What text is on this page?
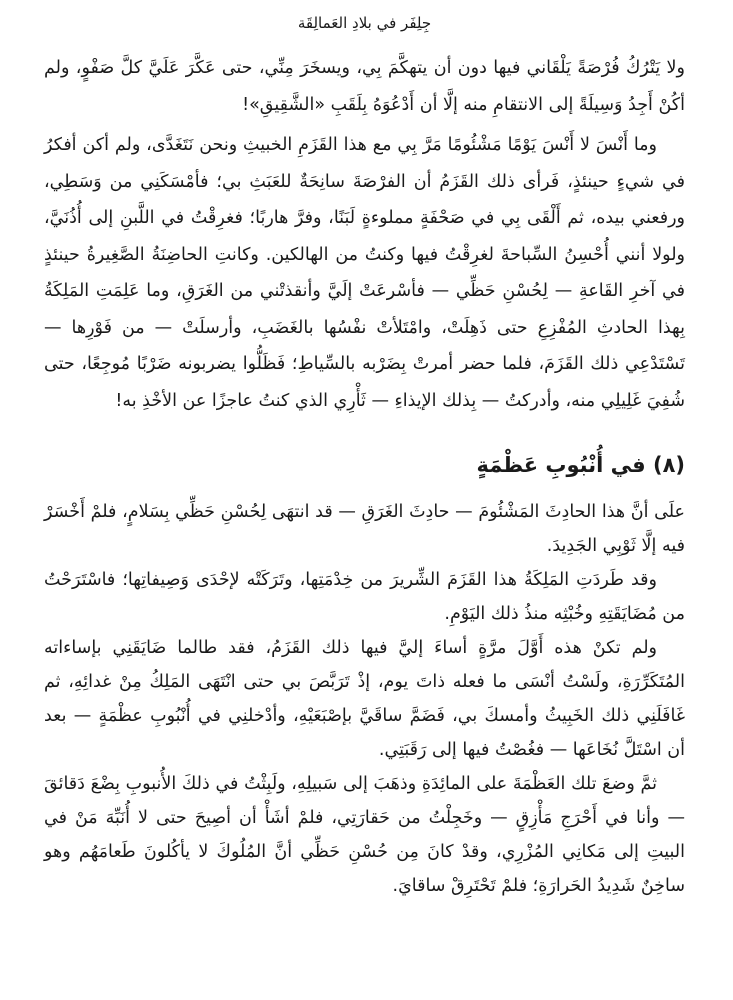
جِلِفَر في بلادِ العَمالِقَة

ولا يَتْرُكُ فُرْصَةً يَلْقَاني فيها دون أن يتهكَّمَ بِي، ويسخَرَ مِنِّي، حتى عَكَّرَ عَلَيَّ كلَّ صَفْوٍ، ولم أكُنْ أَجِدُ وَسِيلَةً إلى الانتقامِ منه إلَّا أن أَدْعُوَهُ بِلَقَبِ «الشَّقِيقِ»!

وما أَنْسَ لا أَنْسَ يَوْمًا مَشْئُومًا مَرَّ بِي مع هذا القَزَمِ الخبيثِ ونحن نَتَغَدَّى، ولم أكن أفكرُ في شيءٍ حينئذٍ، فَرأى ذلك القَزَمُ أن الفرْصَةَ سانِحَةٌ للعَبَثِ بي؛ فأمْسَكَنِي من وَسَطِي، ورفعني بيده، ثم أَلْقَى بِي في صَحْفَةٍ مملوءةٍ لَبَنًا، وفرَّ هاربًا؛ فغرِقْتُ في اللَّبنِ إلى أُذُنَيَّ، ولولا أنني أُحْسِنُ السِّباحةَ لغرِقْتُ فيها وكنتُ من الهالكين. وكانتِ الحاضِنَةُ الصَّغِيرةُ حينئذٍ في آخرِ القَاعةِ — لِحُسْنِ حَظِّي — فأسْرعَتْ إلَيَّ وأنقذتْني من الغَرَقِ، وما عَلِمَتِ المَلِكَةُ بِهذا الحادثِ المُفْزِعِ حتى ذَهِلَتْ، وامْتَلأتْ نفْسُها بالغَضَبِ، وأرسلَتْ — من فَوْرِها — تَسْتَدْعِي ذلك القَزَمَ، فلما حضر أمرتْ بِضَرْبه بالسِّياطِ؛ فَظَلُّوا يضربونه ضَرْبًا مُوجِعًا، حتى شُفِيَ غَلِيلِي منه، وأدركتُ — بِذلك الإيذاءِ — ثَأْرِي الذي كنتُ عاجزًا عن الأخْذِ به!

(٨) في أُنْبُوبِ عَظْمَةٍ

علَى أنَّ هذا الحادِثَ المَشْئُومَ — حادِثَ الغَرَقِ — قد انتهَى لِحُسْنِ حَظِّي بِسَلامٍ، فلمْ أَخْسَرْ فيه إلَّا ثَوْبِي الجَدِيدَ.

وقد طَردَتِ المَلِكَةُ هذا القَزَمَ الشِّريرَ من خِدْمَتِها، وتَرَكَتْه لإحْدَى وَصِيفاتِها؛ فاسْتَرَحْتُ من مُضَايَقَتِهِ وخُبْثِه منذُ ذلك اليَوْمِ.

ولم تكنْ هذه أَوَّلَ مرَّةٍ أساءَ إليَّ فيها ذلك القَزَمُ، فقد طالما ضَايَقَنِي بإساءاته المُتَكَرِّرَةِ، ولَسْتُ أنْسَى ما فعله ذاتَ يوم، إذْ تَرَبَّصَ بي حتى انْتَهَى المَلِكُ مِنْ غدائِهِ، ثم غَافَلَنِي ذلك الخَبِيثُ وأمسكَ بي، فَضَمَّ ساقَيَّ بإصْبَعَيْهِ، وأدْخلنِي في أُنْبُوبِ عظْمَةٍ — بعد أن اسْتَلَّ نُخَاعَها — فغُصْتُ فيها إلى رَقَبَتِي.

ثمَّ وضعَ تلك العَظْمَةَ على المائِدَةِ وذهَبَ إلى سَبيلِهِ، ولَبِثْتُ في ذلكَ الأُنبوبِ بِضْعَ دَقائقَ — وأنا في أَحْرَجِ مَأْزِقٍ — وخَجِلْتُ من حَقارَتِي، فلمْ أشَأْ أن أصِيحَ حتى لا أُنَبِّهَ مَنْ في البيتِ إلى مَكانِي المُزْرِي، وقدْ كانَ مِن حُسْنِ حَظِّي أنَّ المُلُوكَ لا يأكُلونَ طَعامَهُم وهو ساخِنٌ شَدِيدُ الحَرارَةِ؛ فلمْ تَحْتَرِقْ ساقايَ.
